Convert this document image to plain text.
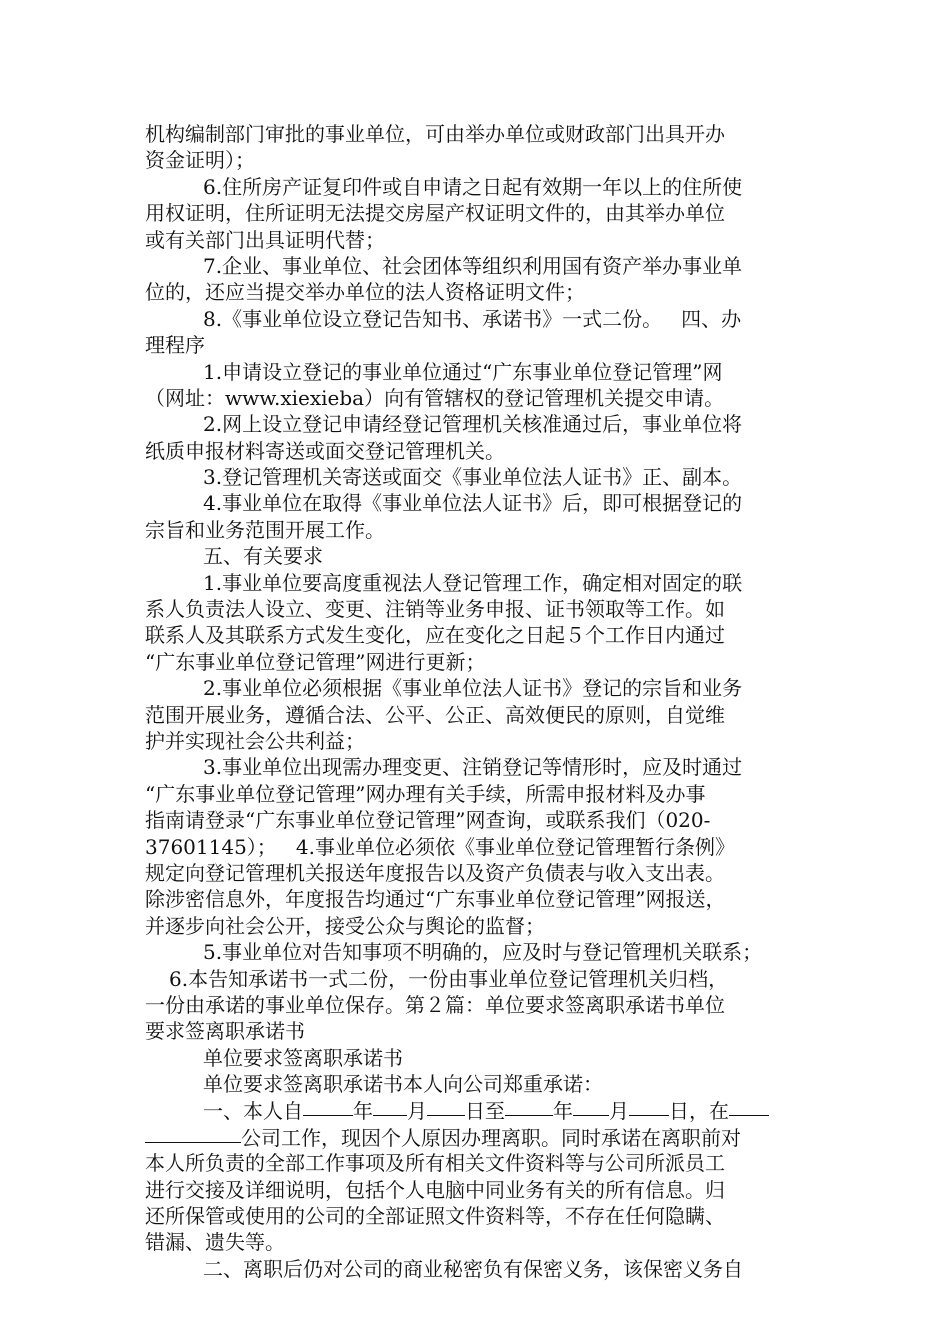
机构编制部门审批的事业单位，可由举办单位或财政部门出具开办
资金证明）；
6.住所房产证复印件或自申请之日起有效期一年以上的住所使
用权证明，住所证明无法提交房屋产权证明文件的，由其举办单位
或有关部门出具证明代替；
7.企业、事业单位、社会团体等组织利用国有资产举办事业单
位的，还应当提交举办单位的法人资格证明文件；
8.《事业单位设立登记告知书、承诺书》一式二份。   四、办
理程序
1.申请设立登记的事业单位通过“广东事业单位登记管理”网
（网址：www.xiexieba）向有管辖权的登记管理机关提交申请。
2.网上设立登记申请经登记管理机关核准通过后，事业单位将
纸质申报材料寄送或面交登记管理机关。
3.登记管理机关寄送或面交《事业单位法人证书》正、副本。
4.事业单位在取得《事业单位法人证书》后，即可根据登记的
宗旨和业务范围开展工作。
五、有关要求
1.事业单位要高度重视法人登记管理工作，确定相对固定的联
系人负责法人设立、变更、注销等业务申报、证书领取等工作。如
联系人及其联系方式发生变化，应在变化之日起５个工作日内通过
“广东事业单位登记管理”网进行更新；
2.事业单位必须根据《事业单位法人证书》登记的宗旨和业务
范围开展业务，遵循合法、公平、公正、高效便民的原则，自觉维
护并实现社会公共利益；
3.事业单位出现需办理变更、注销登记等情形时，应及时通过
“广东事业单位登记管理”网办理有关手续，所需申报材料及办事
指南请登录“广东事业单位登记管理”网查询，或联系我们（020-
37601145）；   4.事业单位必须依《事业单位登记管理暂行条例》
规定向登记管理机关报送年度报告以及资产负债表与收入支出表。
除涉密信息外，年度报告均通过“广东事业单位登记管理”网报送，
并逐步向社会公开，接受公众与舆论的监督；
5.事业单位对告知事项不明确的，应及时与登记管理机关联系；
6.本告知承诺书一式二份，一份由事业单位登记管理机关归档，
一份由承诺的事业单位保存。第２篇：单位要求签离职承诺书单位
要求签离职承诺书
单位要求签离职承诺书
单位要求签离职承诺书本人向公司郑重承诺：
一、本人自	年 月 日至 年 月 日，在
公司工作，现因个人原因办理离职。同时承诺在离职前对
本人所负责的全部工作事项及所有相关文件资料等与公司所派员工
进行交接及详细说明，包括个人电脑中同业务有关的所有信息。归
还所保管或使用的公司的全部证照文件资料等，不存在任何隐瞒、
错漏、遗失等。
二、离职后仍对公司的商业秘密负有保密义务，该保密义务自
